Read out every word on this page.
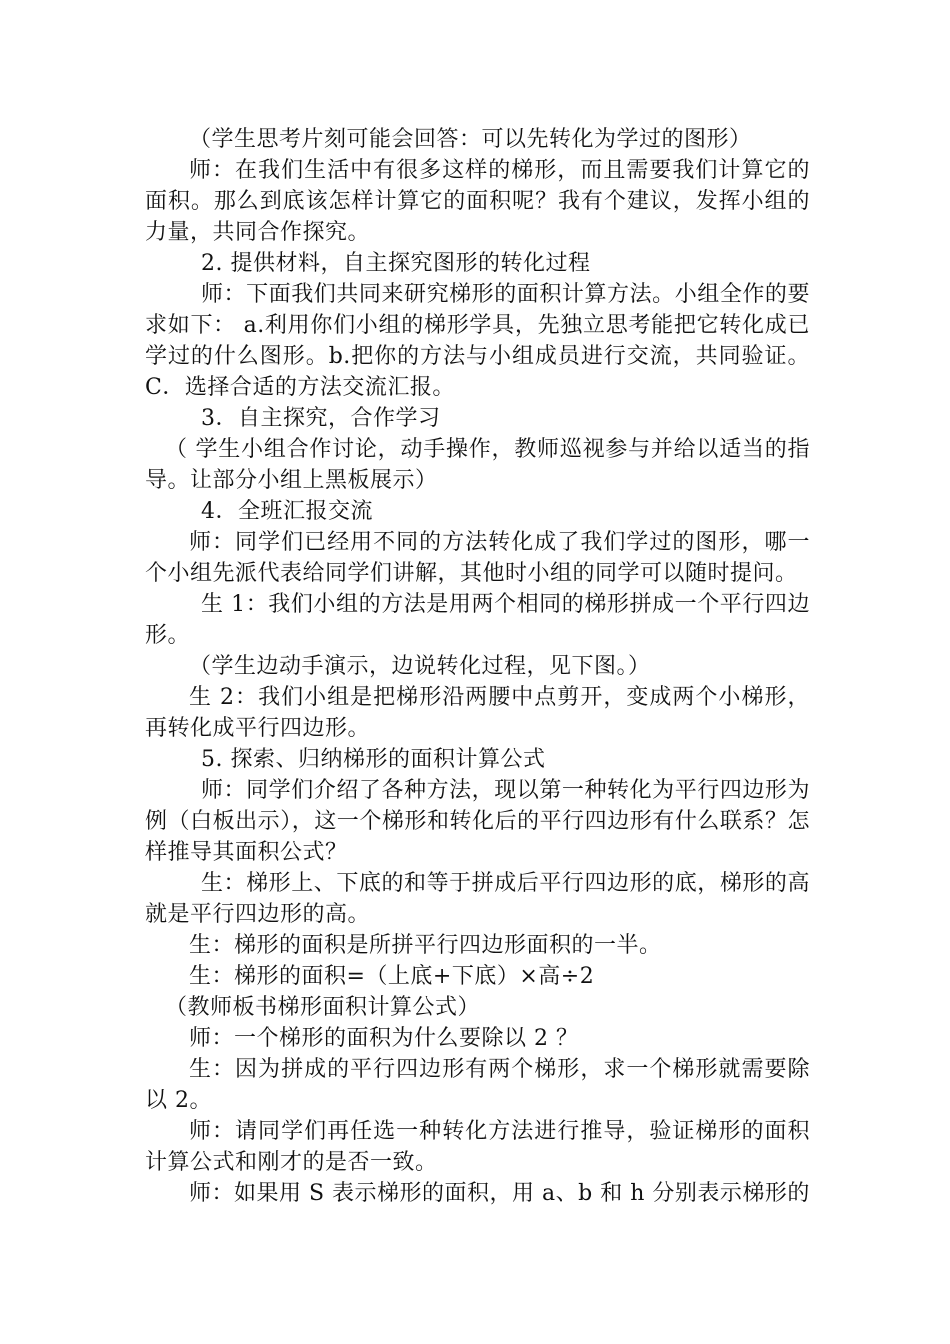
（学生思考片刻可能会回答：可以先转化为学过的图形）

师：在我们生活中有很多这样的梯形，而且需要我们计算它的面积。那么到底该怎样计算它的面积呢？我有个建议，发挥小组的力量，共同合作探究。

2. 提供材料，自主探究图形的转化过程

师：下面我们共同来研究梯形的面积计算方法。小组全作的要求如下： a.利用你们小组的梯形学具，先独立思考能把它转化成已学过的什么图形。b.把你的方法与小组成员进行交流，共同验证。C．选择合适的方法交流汇报。

3．自主探究，合作学习

（ 学生小组合作讨论，动手操作，教师巡视参与并给以适当的指导。让部分小组上黑板展示）

4．全班汇报交流

师：同学们已经用不同的方法转化成了我们学过的图形，哪一个小组先派代表给同学们讲解，其他时小组的同学可以随时提问。

生 1：我们小组的方法是用两个相同的梯形拼成一个平行四边形。

（学生边动手演示，边说转化过程，见下图。）

生 2：我们小组是把梯形沿两腰中点剪开，变成两个小梯形，再转化成平行四边形。

5. 探索、归纳梯形的面积计算公式

师：同学们介绍了各种方法，现以第一种转化为平行四边形为例（白板出示），这一个梯形和转化后的平行四边形有什么联系？怎样推导其面积公式？

生：梯形上、下底的和等于拼成后平行四边形的底，梯形的高就是平行四边形的高。

生：梯形的面积是所拼平行四边形面积的一半。

生：梯形的面积=（上底+下底）×高÷2

（教师板书梯形面积计算公式）

师：一个梯形的面积为什么要除以 2 ？

生：因为拼成的平行四边形有两个梯形，求一个梯形就需要除以 2。

师：请同学们再任选一种转化方法进行推导，验证梯形的面积计算公式和刚才的是否一致。

师：如果用 S 表示梯形的面积，用 a、b 和 h 分别表示梯形的
